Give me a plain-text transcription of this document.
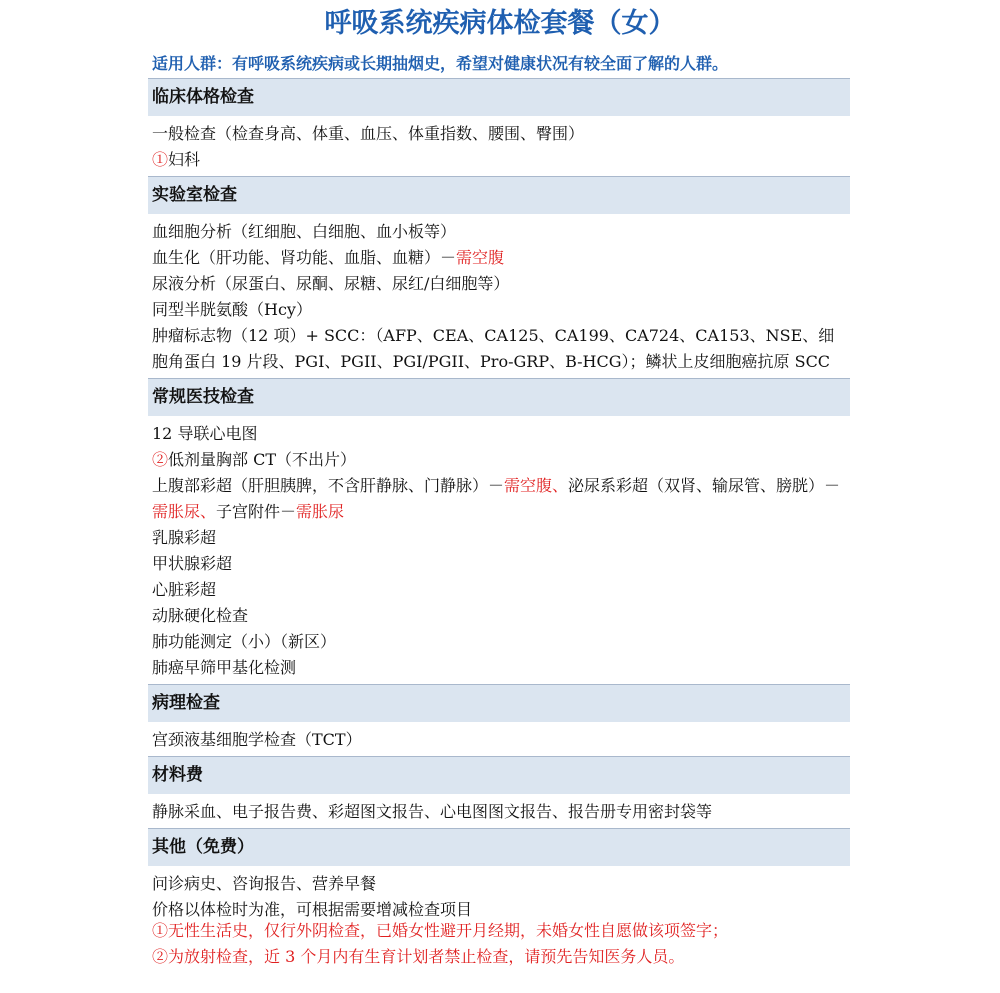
呼吸系统疾病体检套餐（女）
适用人群：有呼吸系统疾病或长期抽烟史，希望对健康状况有较全面了解的人群。
临床体格检查
一般检查（检查身高、体重、血压、体重指数、腰围、臀围）
①妇科
实验室检查
血细胞分析（红细胞、白细胞、血小板等）
血生化（肝功能、肾功能、血脂、血糖）－需空腹
尿液分析（尿蛋白、尿酮、尿糖、尿红/白细胞等）
同型半胱氨酸（Hcy）
肿瘤标志物（12 项）+ SCC：（AFP、CEA、CA125、CA199、CA724、CA153、NSE、细胞角蛋白 19 片段、PGI、PGII、PGI/PGII、Pro-GRP、B-HCG）；鳞状上皮细胞癌抗原 SCC
常规医技检查
12 导联心电图
②低剂量胸部 CT（不出片）
上腹部彩超（肝胆胰脾，不含肝静脉、门静脉）－需空腹、泌尿系彩超（双肾、输尿管、膀胱）－需胀尿、子宫附件－需胀尿
乳腺彩超
甲状腺彩超
心脏彩超
动脉硬化检查
肺功能测定（小）（新区）
肺癌早筛甲基化检测
病理检查
宫颈液基细胞学检查（TCT）
材料费
静脉采血、电子报告费、彩超图文报告、心电图图文报告、报告册专用密封袋等
其他（免费）
问诊病史、咨询报告、营养早餐
价格以体检时为准，可根据需要增减检查项目
①无性生活史，仅行外阴检查，已婚女性避开月经期，未婚女性自愿做该项签字；
②为放射检查，近 3 个月内有生育计划者禁止检查，请预先告知医务人员。
